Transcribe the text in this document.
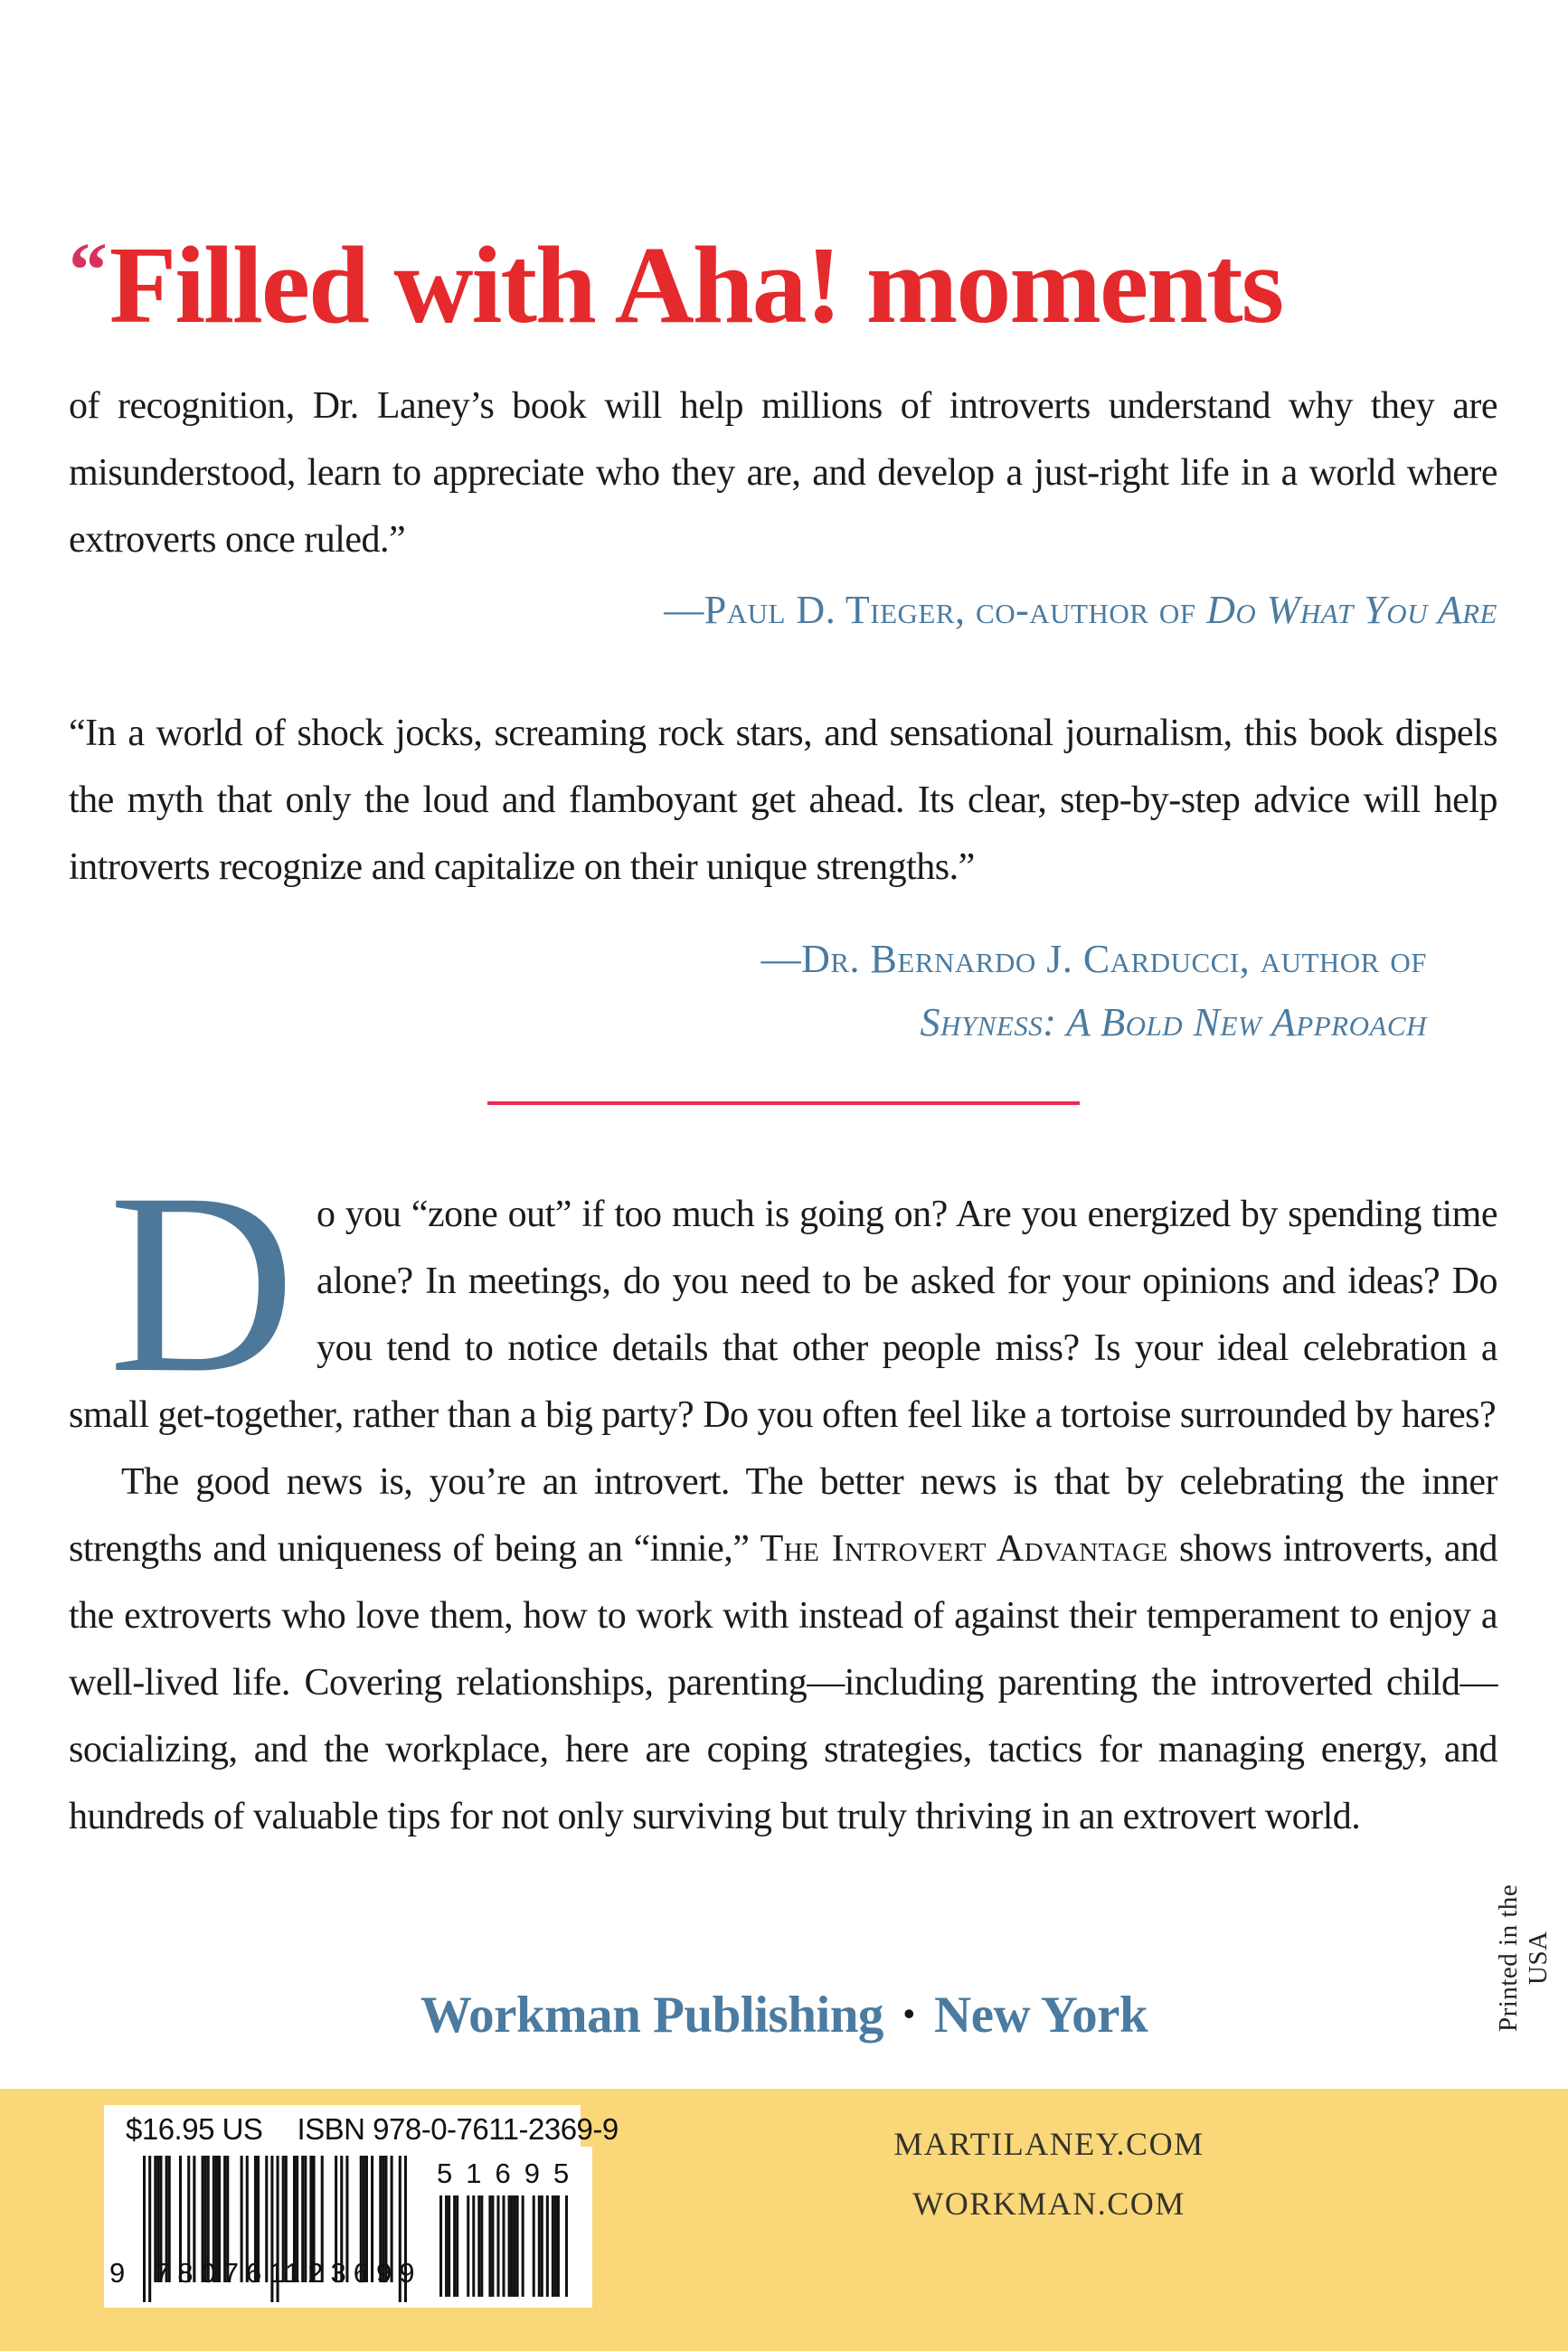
“Filled with Aha! moments
of recognition, Dr. Laney’s book will help millions of introverts understand why they are misunderstood, learn to appreciate who they are, and develop a just-right life in a world where extroverts once ruled.”
—Paul D. Tieger, co-author of Do What You Are
“In a world of shock jocks, screaming rock stars, and sensational journalism, this book dispels the myth that only the loud and flamboyant get ahead. Its clear, step-by-step advice will help introverts recognize and capitalize on their unique strengths.”
—Dr. Bernardo J. Carducci, author of
Shyness: A Bold New Approach
Do you “zone out” if too much is going on? Are you energized by spending time alone? In meetings, do you need to be asked for your opinions and ideas? Do you tend to notice details that other people miss? Is your ideal celebration a small get-together, rather than a big party? Do you often feel like a tortoise surrounded by hares?
The good news is, you’re an introvert. The better news is that by celebrating the inner strengths and uniqueness of being an “innie,” The Introvert Advantage shows introverts, and the extroverts who love them, how to work with instead of against their temperament to enjoy a well-lived life. Covering relationships, parenting—including parenting the introverted child—socializing, and the workplace, here are coping strategies, tactics for managing energy, and hundreds of valuable tips for not only surviving but truly thriving in an extrovert world.
Workman Publishing • New York	Printed in the USA
$16.95 US ISBN 978-0-7611-2369-9
9 780761
123699
51695
MARTILANEY.COM
WORKMAN.COM
